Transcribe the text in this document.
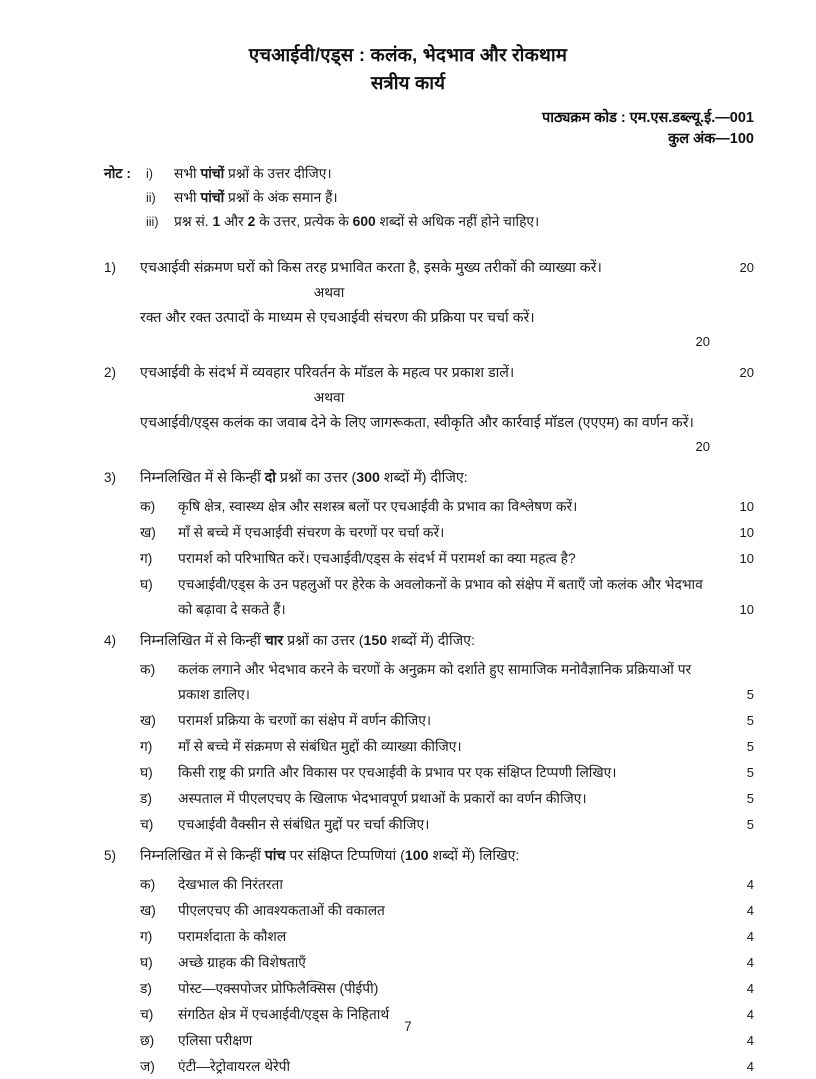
एचआईवी/एड्स : कलंक, भेदभाव और रोकथाम
सत्रीय कार्य
पाठ्यक्रम कोड : एम.एस.डब्ल्यू.ई.—001
कुल अंक—100
नोट : i)	सभी पांचों प्रश्नों के उत्तर दीजिए।
ii)	सभी पांचों प्रश्नों के अंक समान हैं।
iii)	प्रश्न सं. 1 और 2 के उत्तर, प्रत्येक के 600 शब्दों से अधिक नहीं होने चाहिए।
1)	एचआईवी संक्रमण घरों को किस तरह प्रभावित करता है, इसके मुख्य तरीकों की व्याख्या करें।	20
अथवा
रक्त और रक्त उत्पादों के माध्यम से एचआईवी संचरण की प्रक्रिया पर चर्चा करें।
20
2)	एचआईवी के संदर्भ में व्यवहार परिवर्तन के मॉडल के महत्व पर प्रकाश डालें।	20
अथवा
एचआईवी/एड्स कलंक का जवाब देने के लिए जागरूकता, स्वीकृति और कार्रवाई मॉडल (एएएम) का वर्णन करें।
20
3)	निम्नलिखित में से किन्हीं दो प्रश्नों का उत्तर (300 शब्दों में) दीजिए:
क)	कृषि क्षेत्र, स्वास्थ्य क्षेत्र और सशस्त्र बलों पर एचआईवी के प्रभाव का विश्लेषण करें।	10
ख)	माँ से बच्चे में एचआईवी संचरण के चरणों पर चर्चा करें।	10
ग)	परामर्श को परिभाषित करें। एचआईवी/एड्स के संदर्भ में परामर्श का क्या महत्व है?	10
घ)	एचआईवी/एड्स के उन पहलुओं पर हेरेक के अवलोकनों के प्रभाव को संक्षेप में बताएँ जो कलंक और भेदभाव को बढ़ावा दे सकते हैं।	10
4)	निम्नलिखित में से किन्हीं चार प्रश्नों का उत्तर (150 शब्दों में) दीजिए:
क)	कलंक लगाने और भेदभाव करने के चरणों के अनुक्रम को दर्शाते हुए सामाजिक मनोवैज्ञानिक प्रक्रियाओं पर प्रकाश डालिए।	5
ख)	परामर्श प्रक्रिया के चरणों का संक्षेप में वर्णन कीजिए।	5
ग)	माँ से बच्चे में संक्रमण से संबंधित मुद्दों की व्याख्या कीजिए।	5
घ)	किसी राष्ट्र की प्रगति और विकास पर एचआईवी के प्रभाव पर एक संक्षिप्त टिप्पणी लिखिए।	5
ड)	अस्पताल में पीएलएचए के खिलाफ भेदभावपूर्ण प्रथाओं के प्रकारों का वर्णन कीजिए।	5
च)	एचआईवी वैक्सीन से संबंधित मुद्दों पर चर्चा कीजिए।	5
5)	निम्नलिखित में से किन्हीं पांच पर संक्षिप्त टिप्पणियां (100 शब्दों में) लिखिए:
क)	देखभाल की निरंतरता	4
ख)	पीएलएचए की आवश्यकताओं की वकालत	4
ग)	परामर्शदाता के कौशल	4
घ)	अच्छे ग्राहक की विशेषताएँ	4
ड)	पोस्ट—एक्सपोजर प्रोफिलैक्सिस (पीईपी)	4
च)	संगठित क्षेत्र में एचआईवी/एड्स के निहितार्थ	4
छ)	एलिसा परीक्षण	4
ज)	एंटी—रेट्रोवायरल थेरेपी	4
7
